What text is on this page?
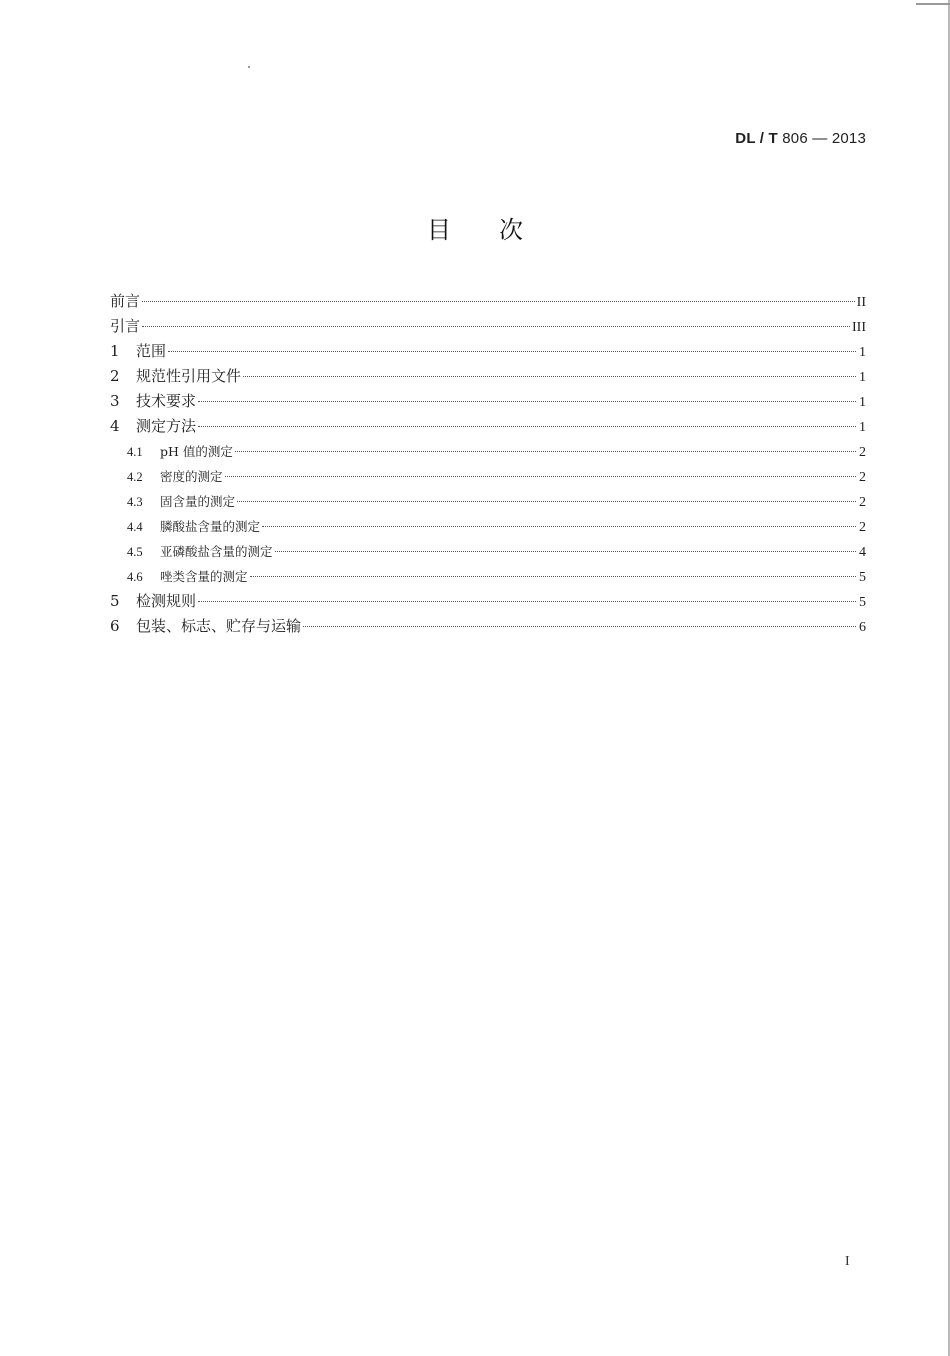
DL / T 806 — 2013
目次
前言	II
引言	III
1	范围	1
2	规范性引用文件	1
3	技术要求	1
4	测定方法	1
4.1	pH 值的测定	2
4.2	密度的测定	2
4.3	固含量的测定	2
4.4	膦酸盐含量的测定	2
4.5	亚磷酸盐含量的测定	4
4.6	唑类含量的测定	5
5	检测规则	5
6	包装、标志、贮存与运输	6
I
